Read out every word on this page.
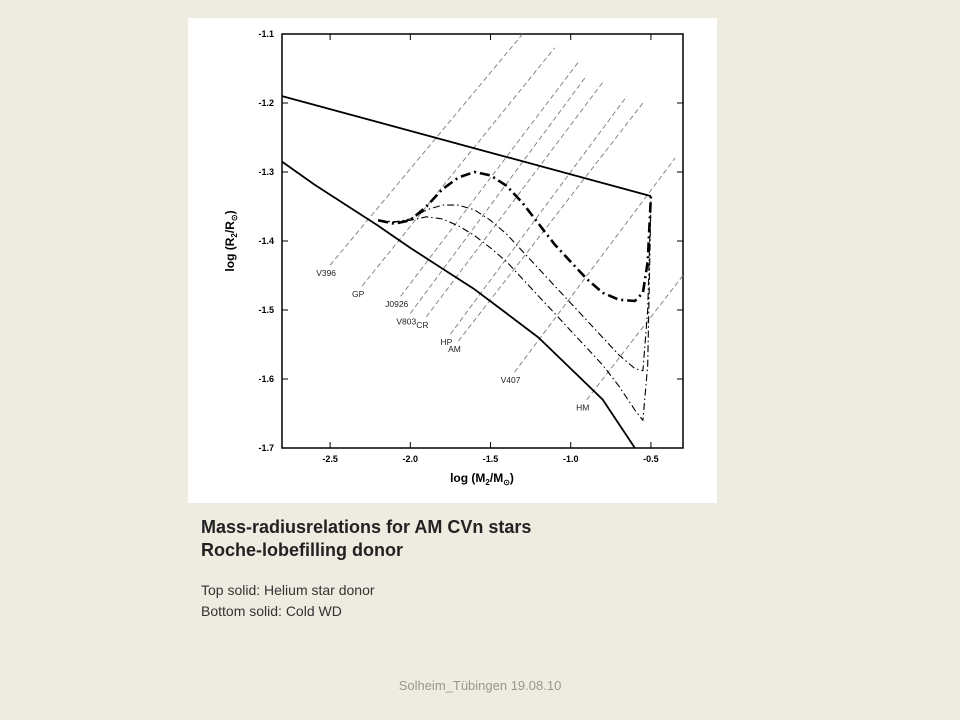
-2.5	-2.0	-1.5	-1.0	-0.5
-1.7
-1.6
-1.5
-1.4
-1.3
-1.2
-1.1
V396
GP
J0926
V803 CR
HP
AM
V407
HM
$\log (M_2/M_⊙)$
$\log (R_2/R_⊙)$
Mass-radiusrelations for AM CVn stars
Roche-lobefilling donor
Top solid: Helium star donor
Bottom solid: Cold WD
Solheim_Tübingen 19.08.10
